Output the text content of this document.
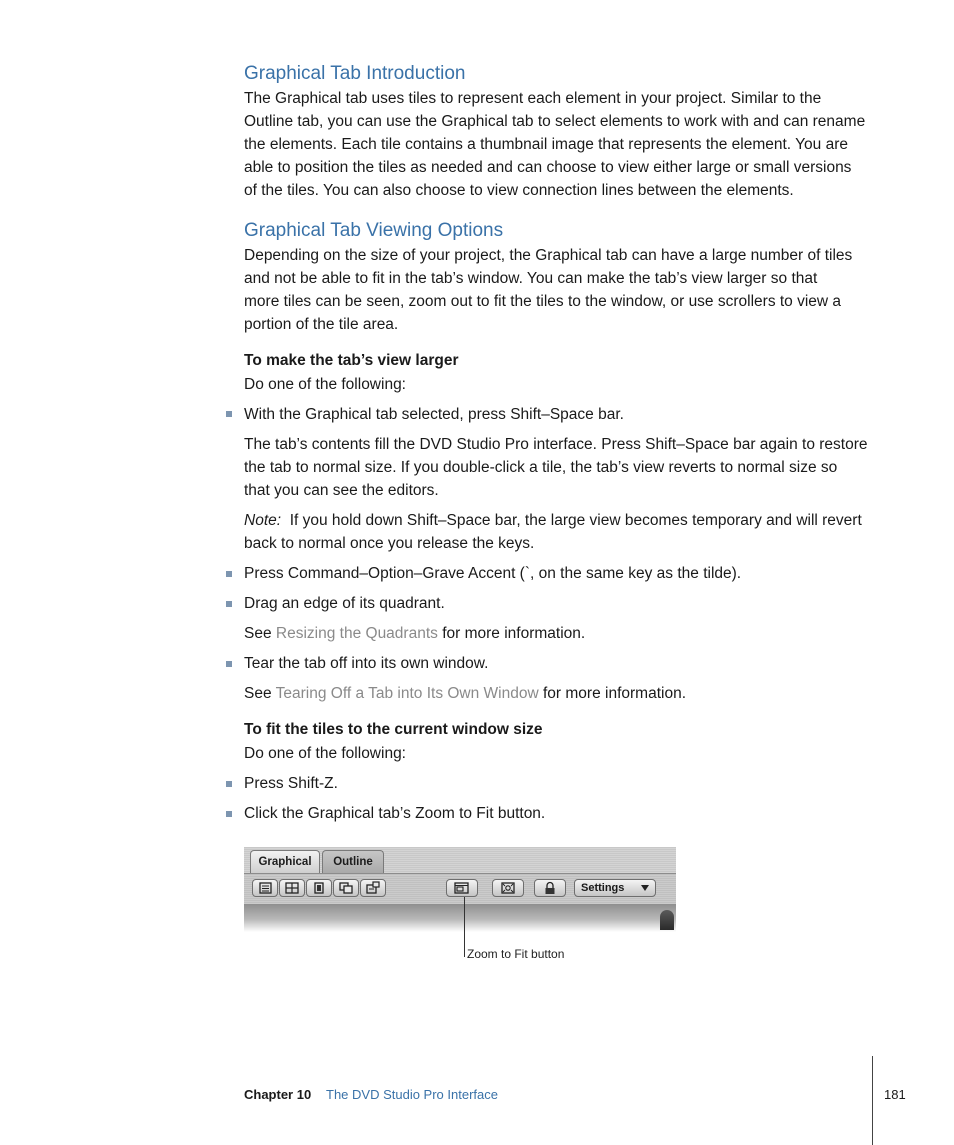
Graphical Tab Introduction
The Graphical tab uses tiles to represent each element in your project. Similar to the
Outline tab, you can use the Graphical tab to select elements to work with and can rename
the elements. Each tile contains a thumbnail image that represents the element. You are
able to position the tiles as needed and can choose to view either large or small versions
of the tiles. You can also choose to view connection lines between the elements.
Graphical Tab Viewing Options
Depending on the size of your project, the Graphical tab can have a large number of tiles
and not be able to fit in the tab’s window. You can make the tab’s view larger so that
more tiles can be seen, zoom out to fit the tiles to the window, or use scrollers to view a
portion of the tile area.
To make the tab’s view larger
Do one of the following:
With the Graphical tab selected, press Shift–Space bar.
The tab’s contents fill the DVD Studio Pro interface. Press Shift–Space bar again to restore
the tab to normal size. If you double-click a tile, the tab’s view reverts to normal size so
that you can see the editors.
Note: If you hold down Shift–Space bar, the large view becomes temporary and will revert
back to normal once you release the keys.
Press Command–Option–Grave Accent (`, on the same key as the tilde).
Drag an edge of its quadrant.
See Resizing the Quadrants for more information.
Tear the tab off into its own window.
See Tearing Off a Tab into Its Own Window for more information.
To fit the tiles to the current window size
Do one of the following:
Press Shift-Z.
Click the Graphical tab’s Zoom to Fit button.
Graphical	Outline
Settings
Zoom to Fit button
Chapter 10 The DVD Studio Pro Interface	181
